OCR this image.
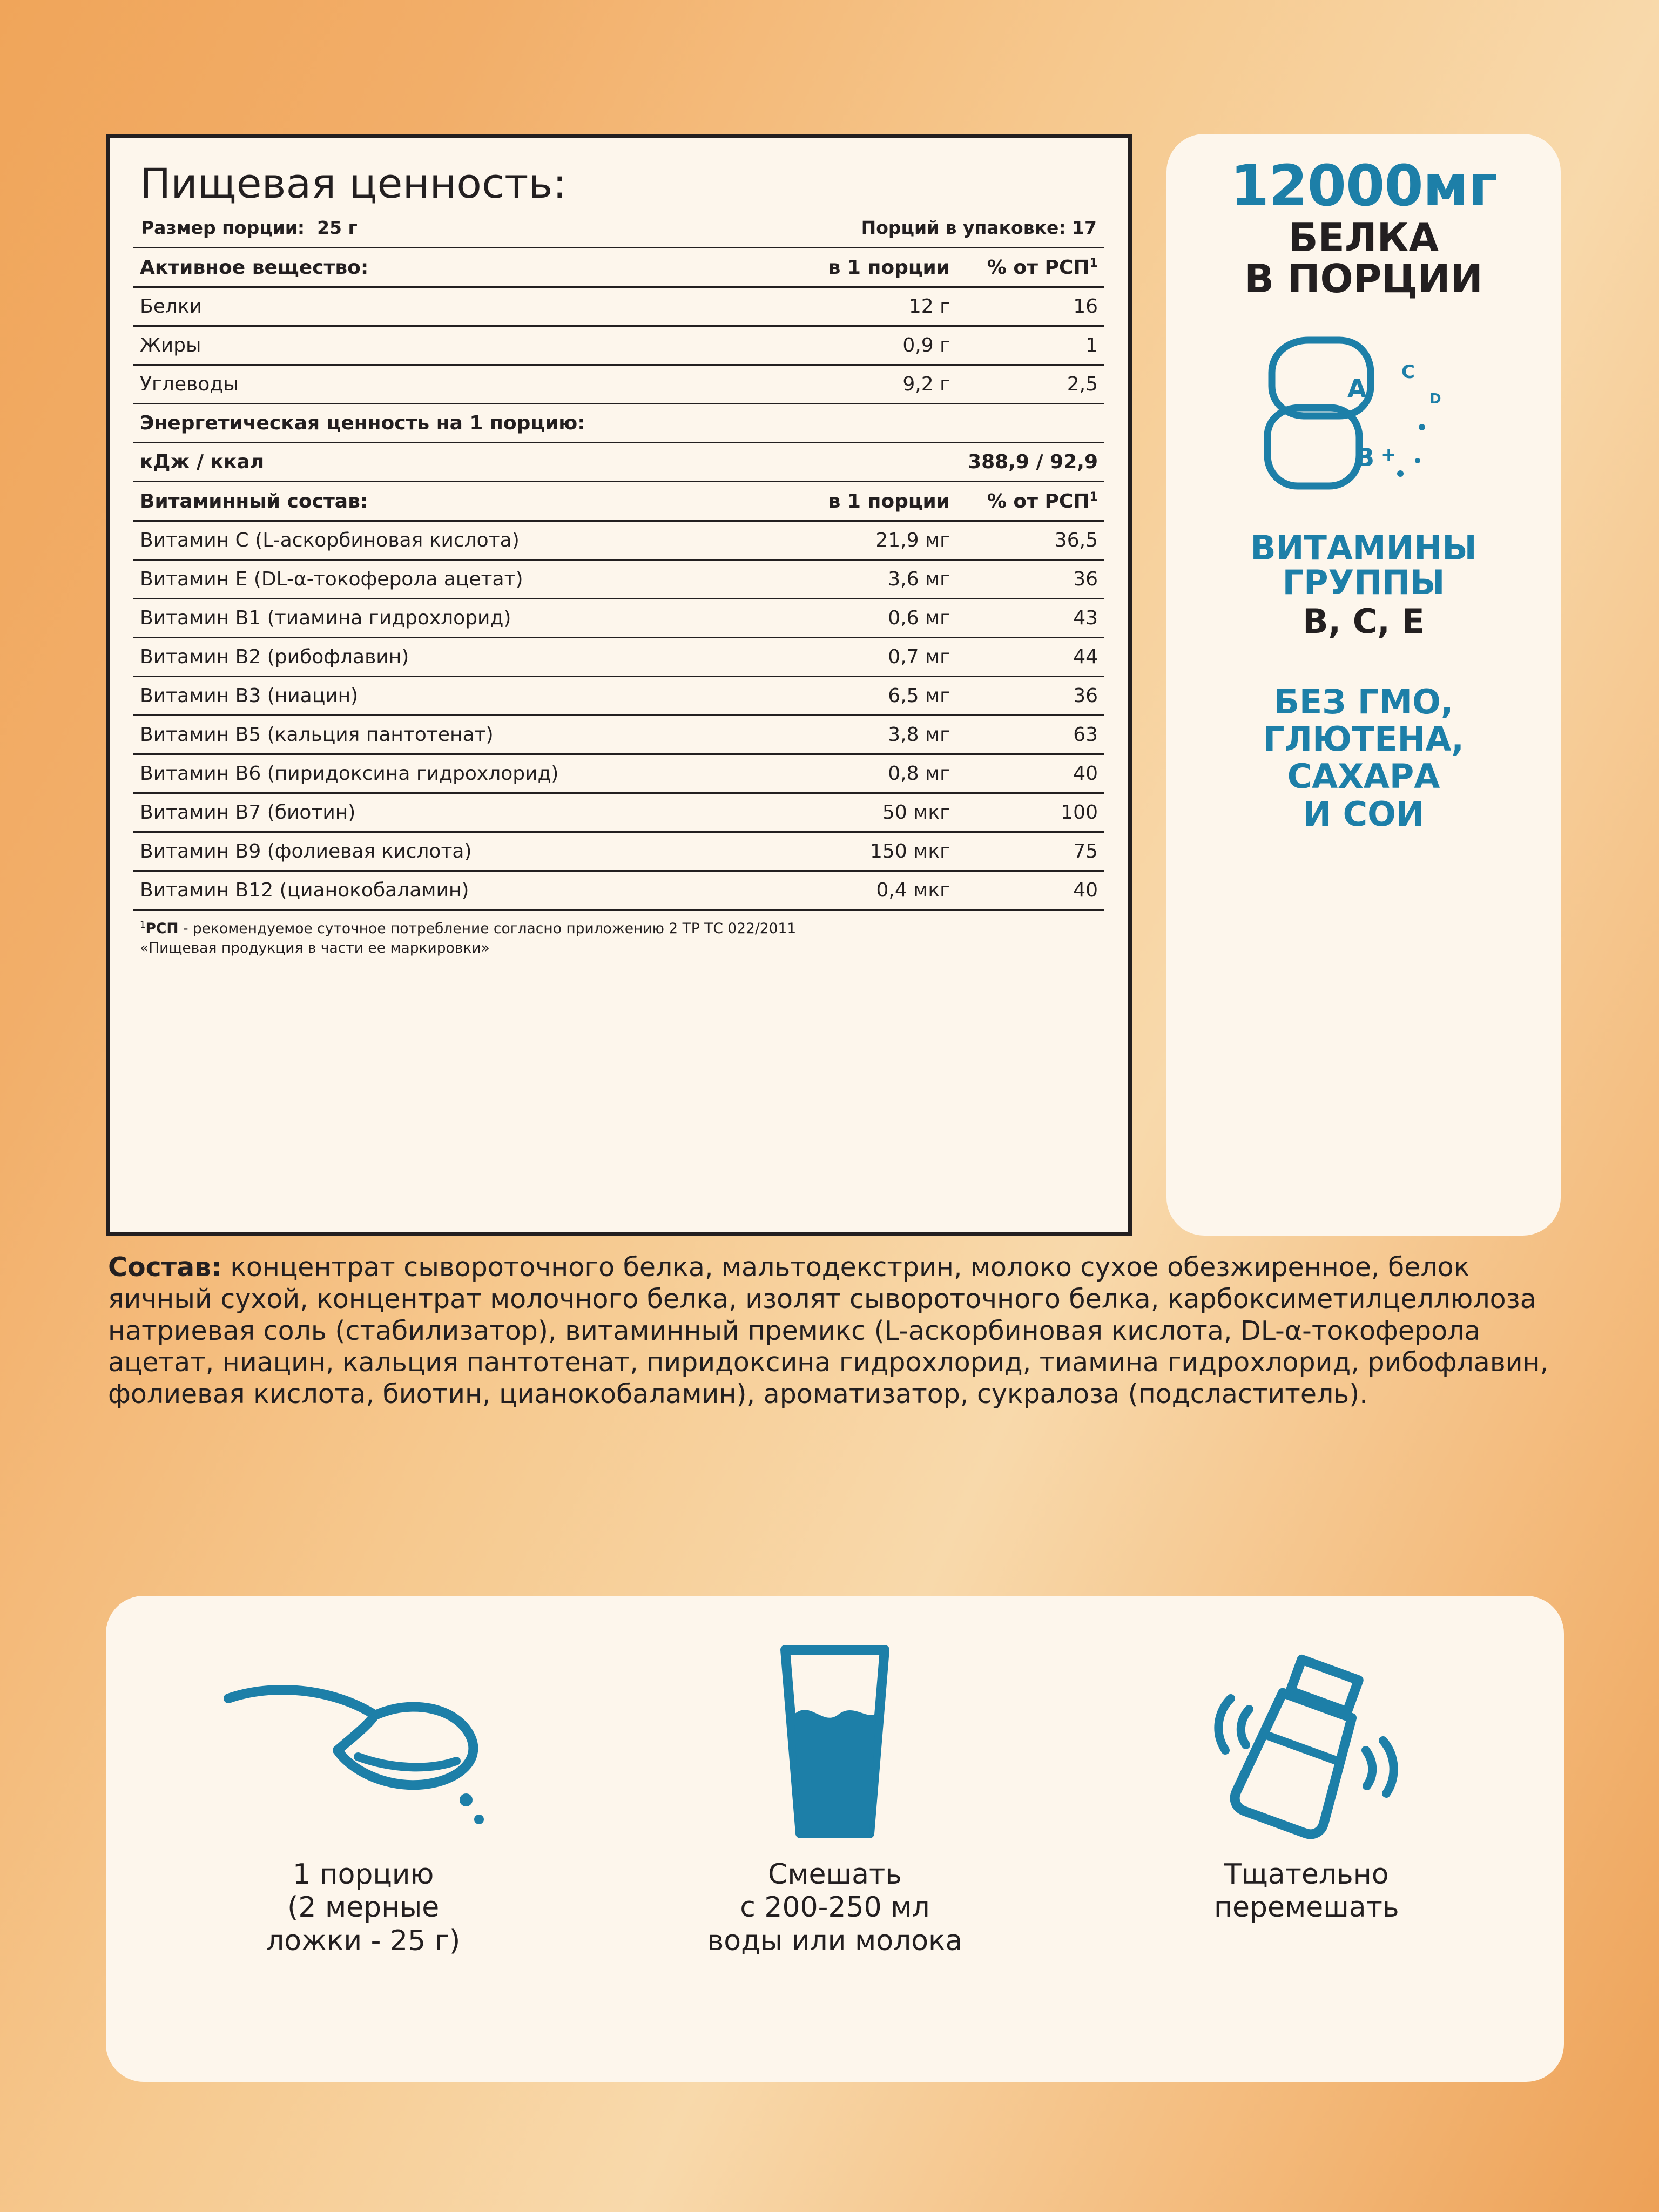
Пищевая ценность:
Размер порции: 25 г	Порций в упаковке: 17
Активное вещество:	в 1 порции	% от РСП$^1$
Белки	12 г	16
Жиры	0,9 г	1
Углеводы	9,2 г	2,5
Энергетическая ценность на 1 порцию:		
кДж / ккал		388,9 / 92,9
Витаминный состав:	в 1 порции	% от РСП$^1$
Витамин C (L-аскорбиновая кислота)	21,9 мг	36,5
Витамин E (DL-α-токоферола ацетат)	3,6 мг	36
Витамин B1 (тиамина гидрохлорид)	0,6 мг	43
Витамин B2 (рибофлавин)	0,7 мг	44
Витамин B3 (ниацин)	6,5 мг	36
Витамин B5 (кальция пантотенат)	3,8 мг	63
Витамин B6 (пиридоксина гидрохлорид)	0,8 мг	40
Витамин B7 (биотин)	50 мкг	100
Витамин B9 (фолиевая кислота)	150 мкг	75
Витамин B12 (цианокобаламин)	0,4 мкг	40
$^1$РСП - рекомендуемое суточное потребление согласно приложению 2 ТР ТС 022/2011
«Пищевая продукция в части ее маркировки»
12000мг
БЕЛКА
В ПОРЦИИ
A
B
C
D
+
ВИТАМИНЫ
ГРУППЫ
B, C, E
БЕЗ ГМО,
ГЛЮТЕНА,
САХАРА
И СОИ
Состав: концентрат сывороточного белка, мальтодекстрин, молоко сухое обезжиренное, белок яичный сухой, концентрат молочного белка, изолят сывороточного белка, карбоксиметилцеллюлоза натриевая соль (стабилизатор), витаминный премикс (L-аскорбиновая кислота, DL-α-токоферола ацетат, ниацин, кальция пантотенат, пиридоксина гидрохлорид, тиамина гидрохлорид, рибофлавин, фолиевая кислота, биотин, цианокобаламин), ароматизатор, сукралоза (подсластитель).
1 порцию
(2 мерные
ложки - 25 г)
Смешать
с 200-250 мл
воды или молока
Тщательно
перемешать
